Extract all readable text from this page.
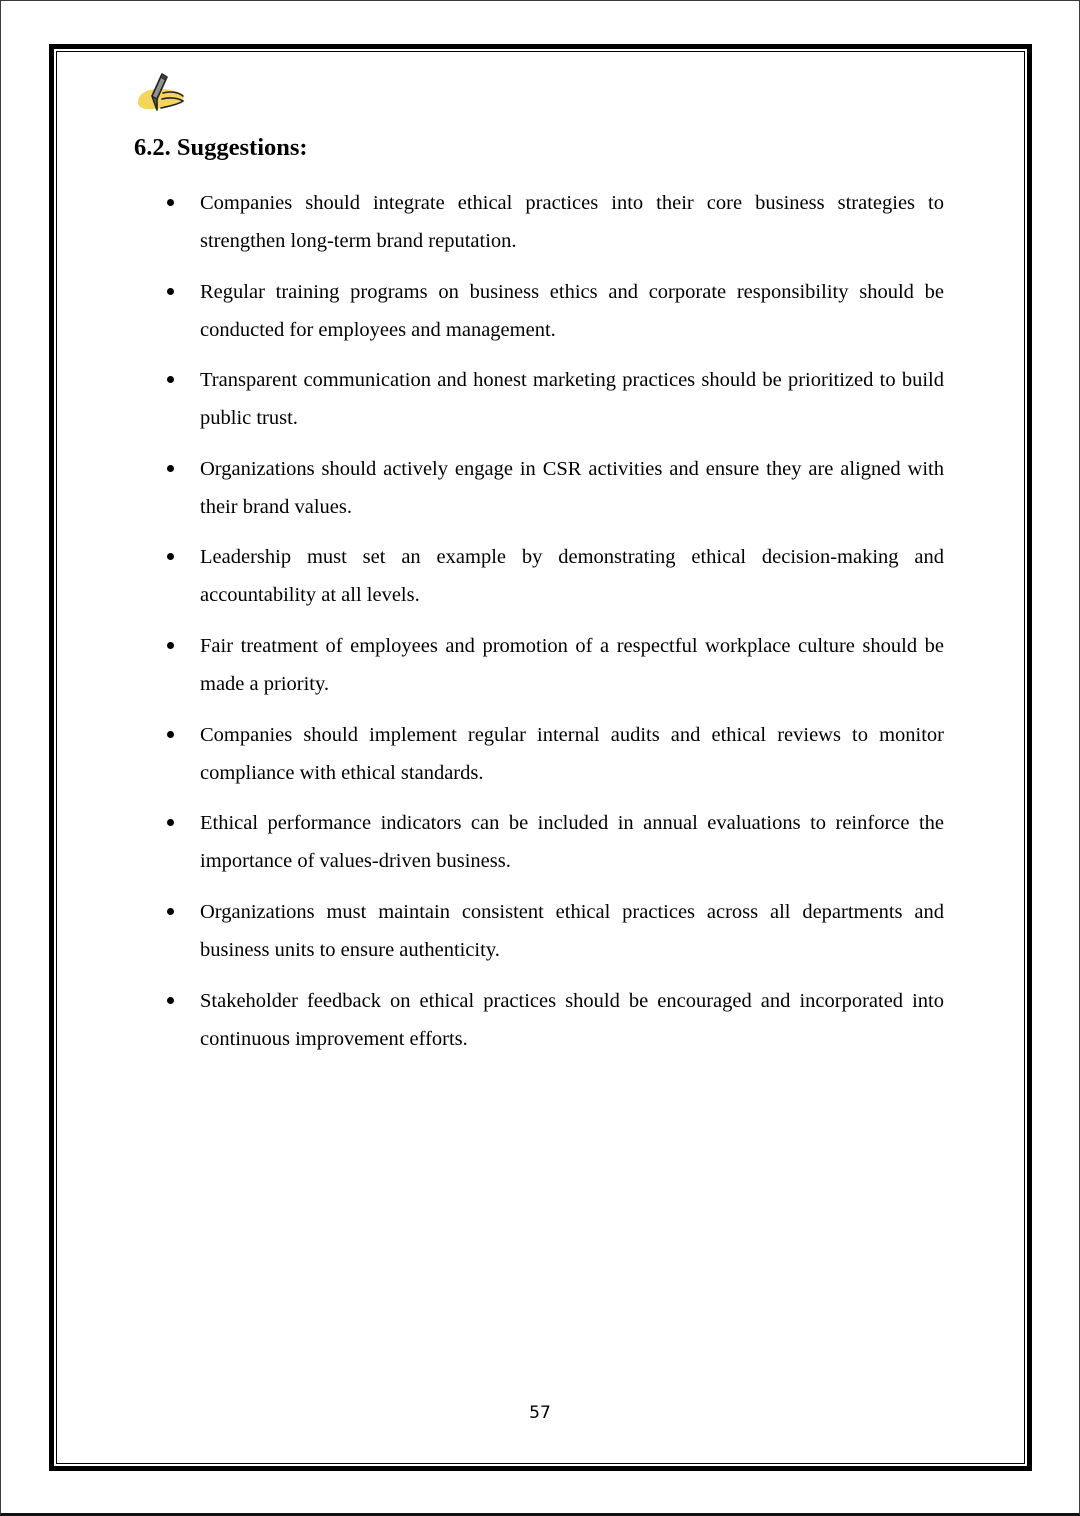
6.2. Suggestions:

Companies should integrate ethical practices into their core business strategies to strengthen long-term brand reputation.

Regular training programs on business ethics and corporate responsibility should be conducted for employees and management.

Transparent communication and honest marketing practices should be prioritized to build public trust.

Organizations should actively engage in CSR activities and ensure they are aligned with their brand values.

Leadership must set an example by demonstrating ethical decision-making and accountability at all levels.

Fair treatment of employees and promotion of a respectful workplace culture should be made a priority.

Companies should implement regular internal audits and ethical reviews to monitor compliance with ethical standards.

Ethical performance indicators can be included in annual evaluations to reinforce the importance of values-driven business.

Organizations must maintain consistent ethical practices across all departments and business units to ensure authenticity.

Stakeholder feedback on ethical practices should be encouraged and incorporated into continuous improvement efforts.

57
